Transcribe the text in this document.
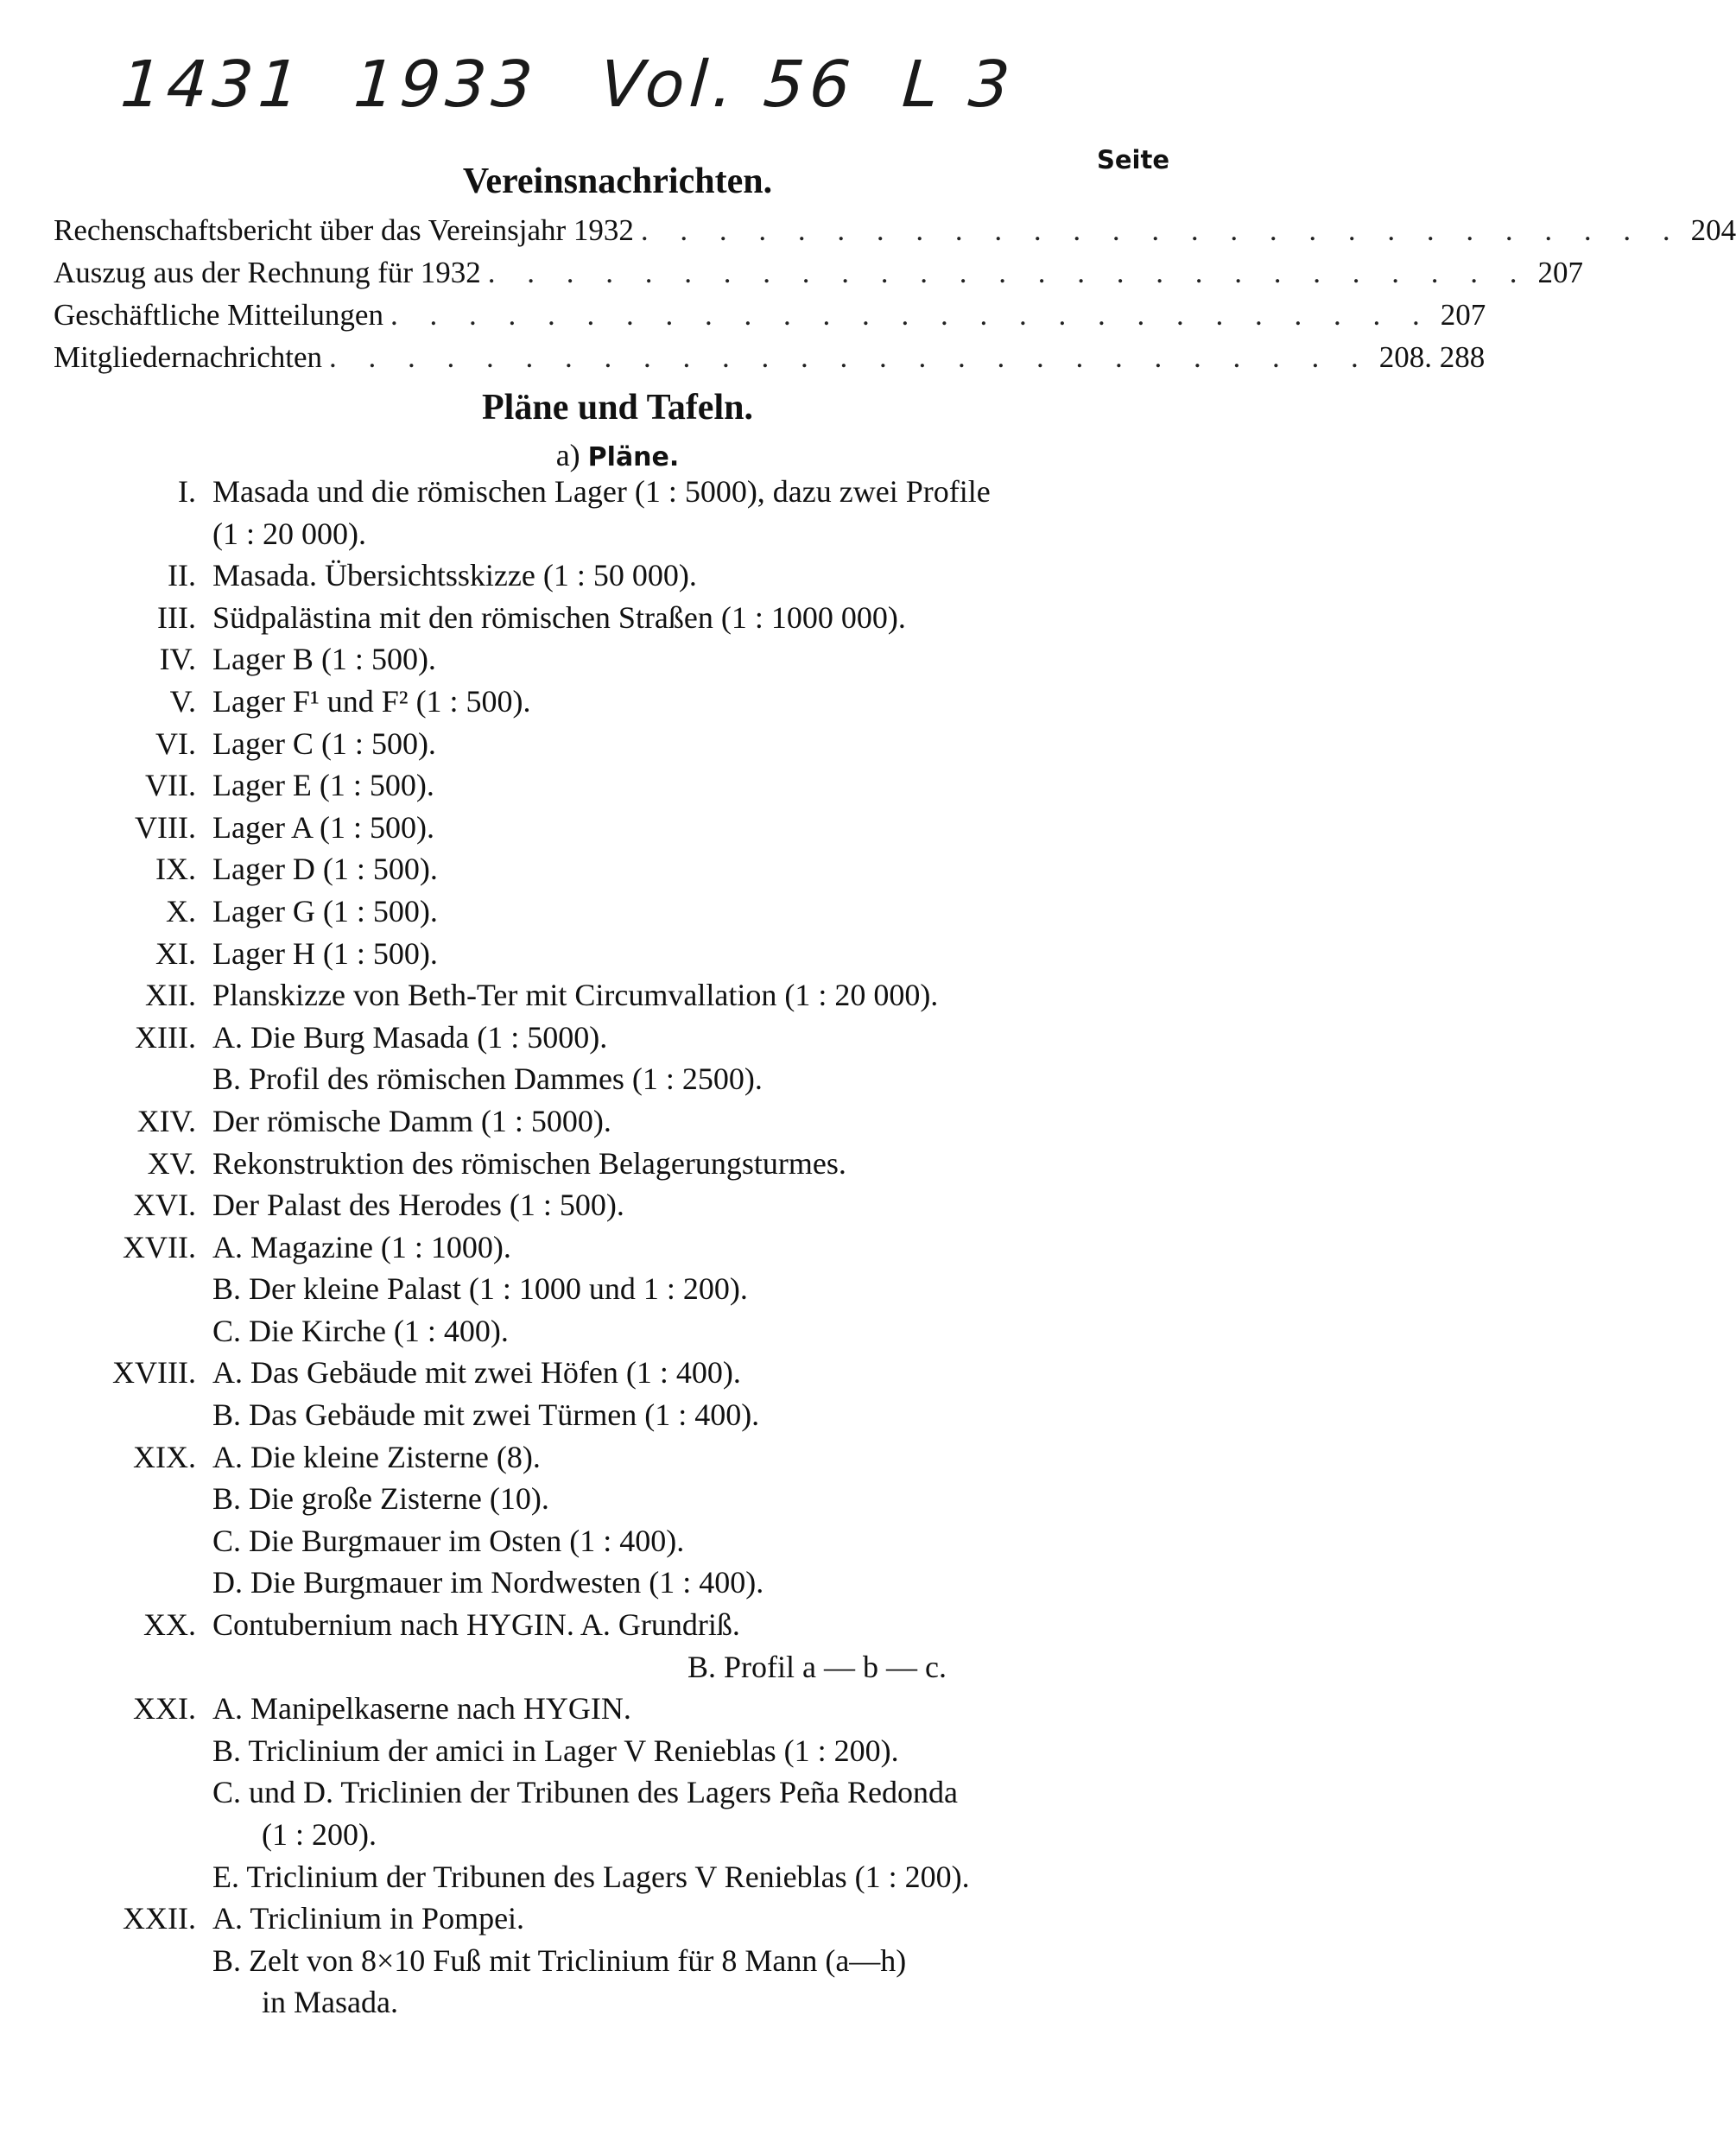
1431 1933 Vol. 56 L 3
Seite
Vereinsnachrichten.
Rechenschaftsbericht über das Vereinsjahr 1932 . . . . . . . . . . . . . . . . . . . . . . . . . . . 204
Auszug aus der Rechnung für 1932 . . . . . . . . . . . . . . . . . . . . . . . . . . . 207
Geschäftliche Mitteilungen . . . . . . . . . . . . . . . . . . . . . . . . . . . 207
Mitgliedernachrichten . . . . . . . . . . . . . . . . . . . . . . . . . . . 208. 288
Pläne und Tafeln.
a) Pläne.
I. Masada und die römischen Lager (1 : 5000), dazu zwei Profile
(1 : 20 000).
II. Masada. Übersichtsskizze (1 : 50 000).
III. Südpalästina mit den römischen Straßen (1 : 1000 000).
IV. Lager B (1 : 500).
V. Lager F¹ und F² (1 : 500).
VI. Lager C (1 : 500).
VII. Lager E (1 : 500).
VIII. Lager A (1 : 500).
IX. Lager D (1 : 500).
X. Lager G (1 : 500).
XI. Lager H (1 : 500).
XII. Planskizze von Beth-Ter mit Circumvallation (1 : 20 000).
XIII. A. Die Burg Masada (1 : 5000).
B. Profil des römischen Dammes (1 : 2500).
XIV. Der römische Damm (1 : 5000).
XV. Rekonstruktion des römischen Belagerungsturmes.
XVI. Der Palast des Herodes (1 : 500).
XVII. A. Magazine (1 : 1000).
B. Der kleine Palast (1 : 1000 und 1 : 200).
C. Die Kirche (1 : 400).
XVIII. A. Das Gebäude mit zwei Höfen (1 : 400).
B. Das Gebäude mit zwei Türmen (1 : 400).
XIX. A. Die kleine Zisterne (8).
B. Die große Zisterne (10).
C. Die Burgmauer im Osten (1 : 400).
D. Die Burgmauer im Nordwesten (1 : 400).
XX. Contubernium nach HYGIN. A. Grundriß.
B. Profil a — b — c.
XXI. A. Manipelkaserne nach HYGIN.
B. Triclinium der amici in Lager V Renieblas (1 : 200).
C. und D. Triclinien der Tribunen des Lagers Peña Redonda
(1 : 200).
E. Triclinium der Tribunen des Lagers V Renieblas (1 : 200).
XXII. A. Triclinium in Pompei.
B. Zelt von 8×10 Fuß mit Triclinium für 8 Mann (a—h)
in Masada.
